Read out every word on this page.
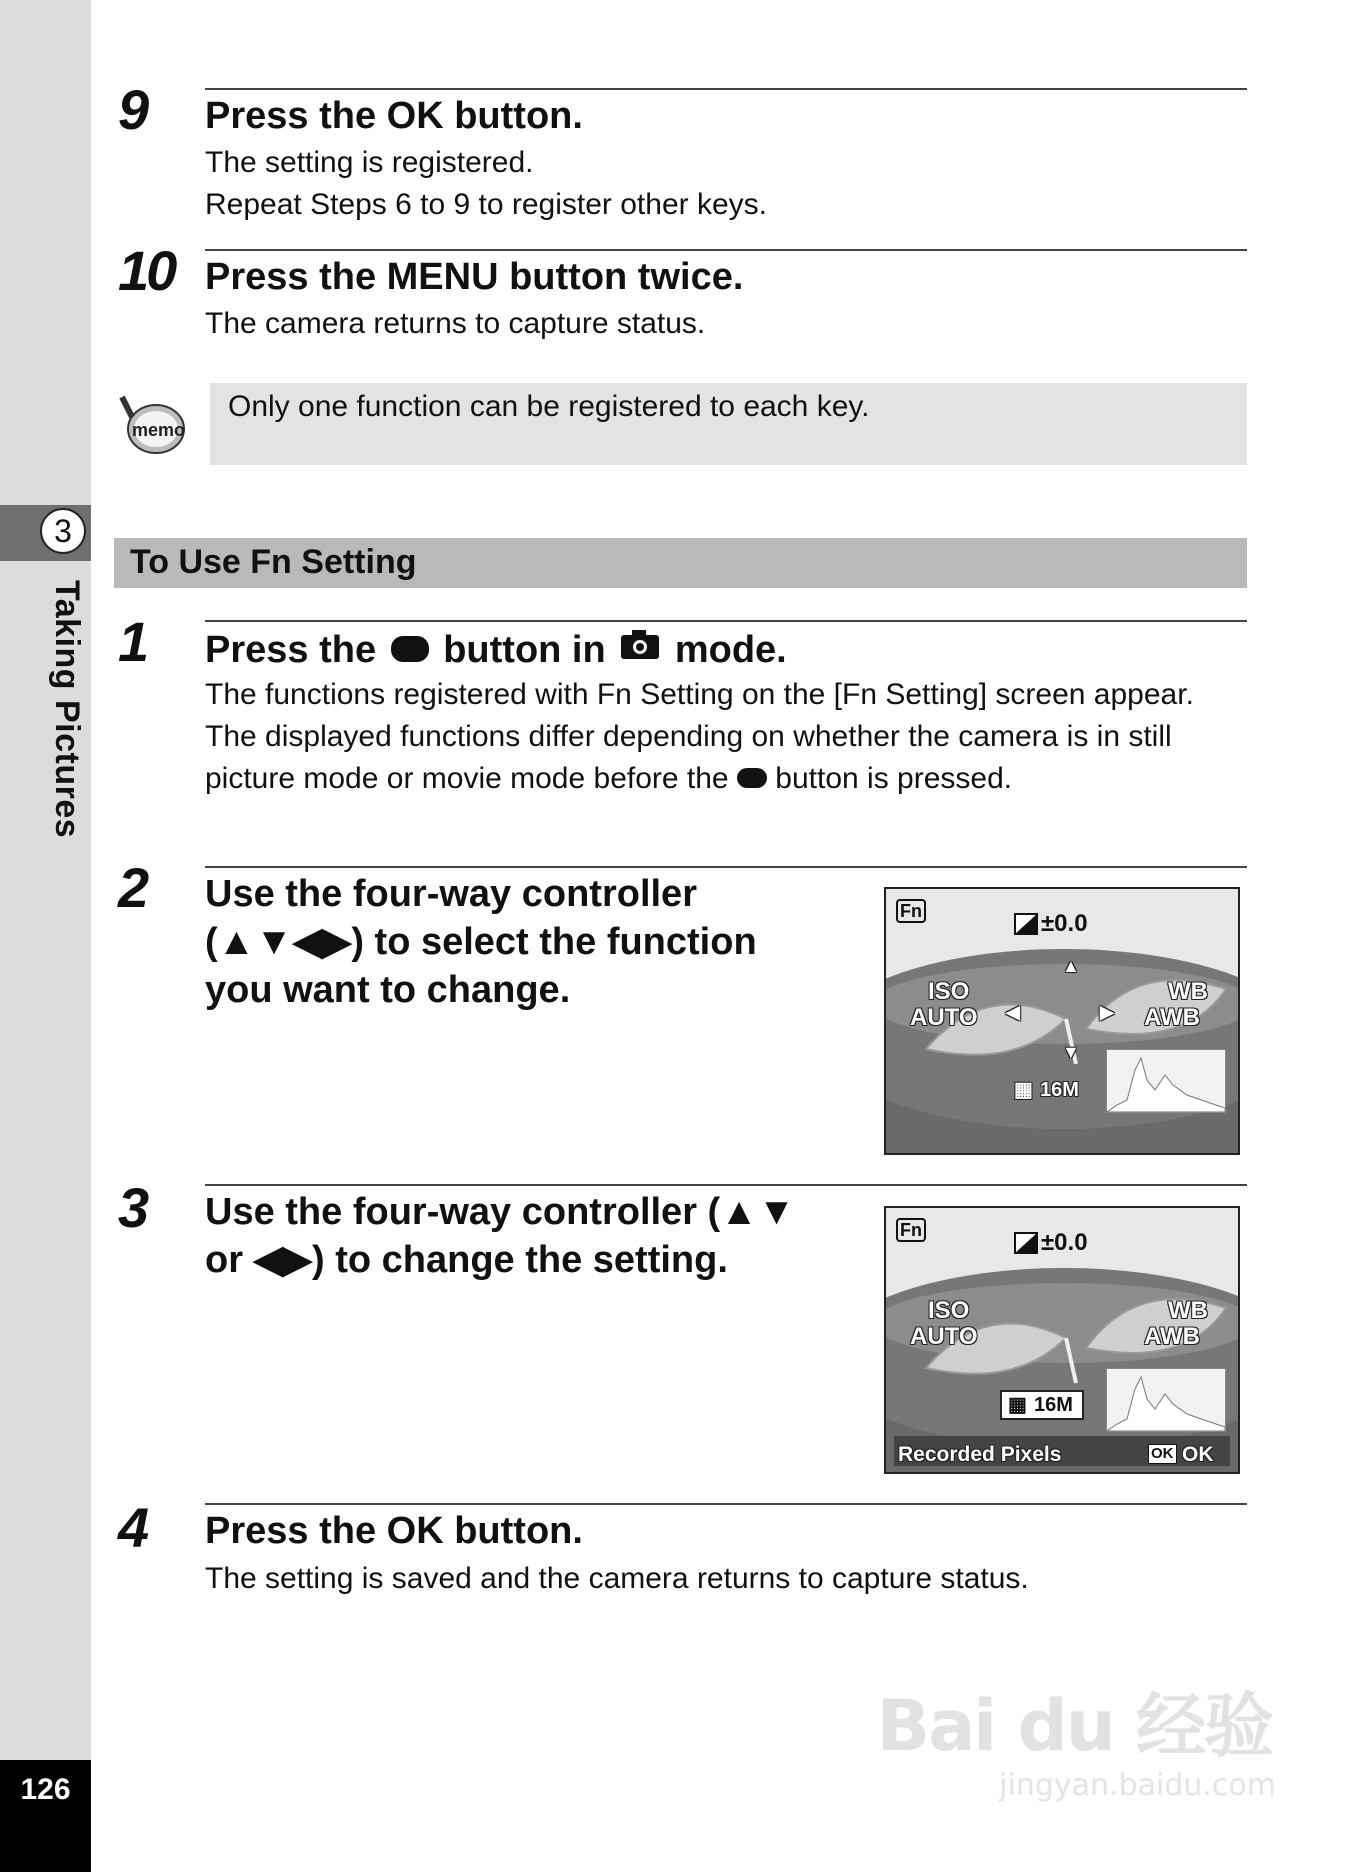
3
Taking Pictures
126
9 Press the OK button.

The setting is registered.

Repeat Steps 6 to 9 to register other keys.

10 Press the MENU button twice.

The camera returns to capture status.

memo
Only one function can be registered to each key.
To Use Fn Setting
1 Press the  button in  mode.

The functions registered with Fn Setting on the [Fn Setting] screen appear.

The displayed functions differ depending on whether the camera is in still picture mode or movie mode before the  button is pressed.

2 Use the four-way controller
(▲▼◀▶) to select the function
you want to change.
Fn	±0.0
▲
◀	▶
▼
ISO
AUTO
WB
AWB
▦ 16M
3 Use the four-way controller (▲▼
or ◀▶) to change the setting.
Fn	±0.0
ISO
AUTO
WB
AWB
▦ 16M
Recorded Pixels	OK OK
4 Press the OK button.

The setting is saved and the camera returns to capture status.

Bai du 经验
jingyan.baidu.com
